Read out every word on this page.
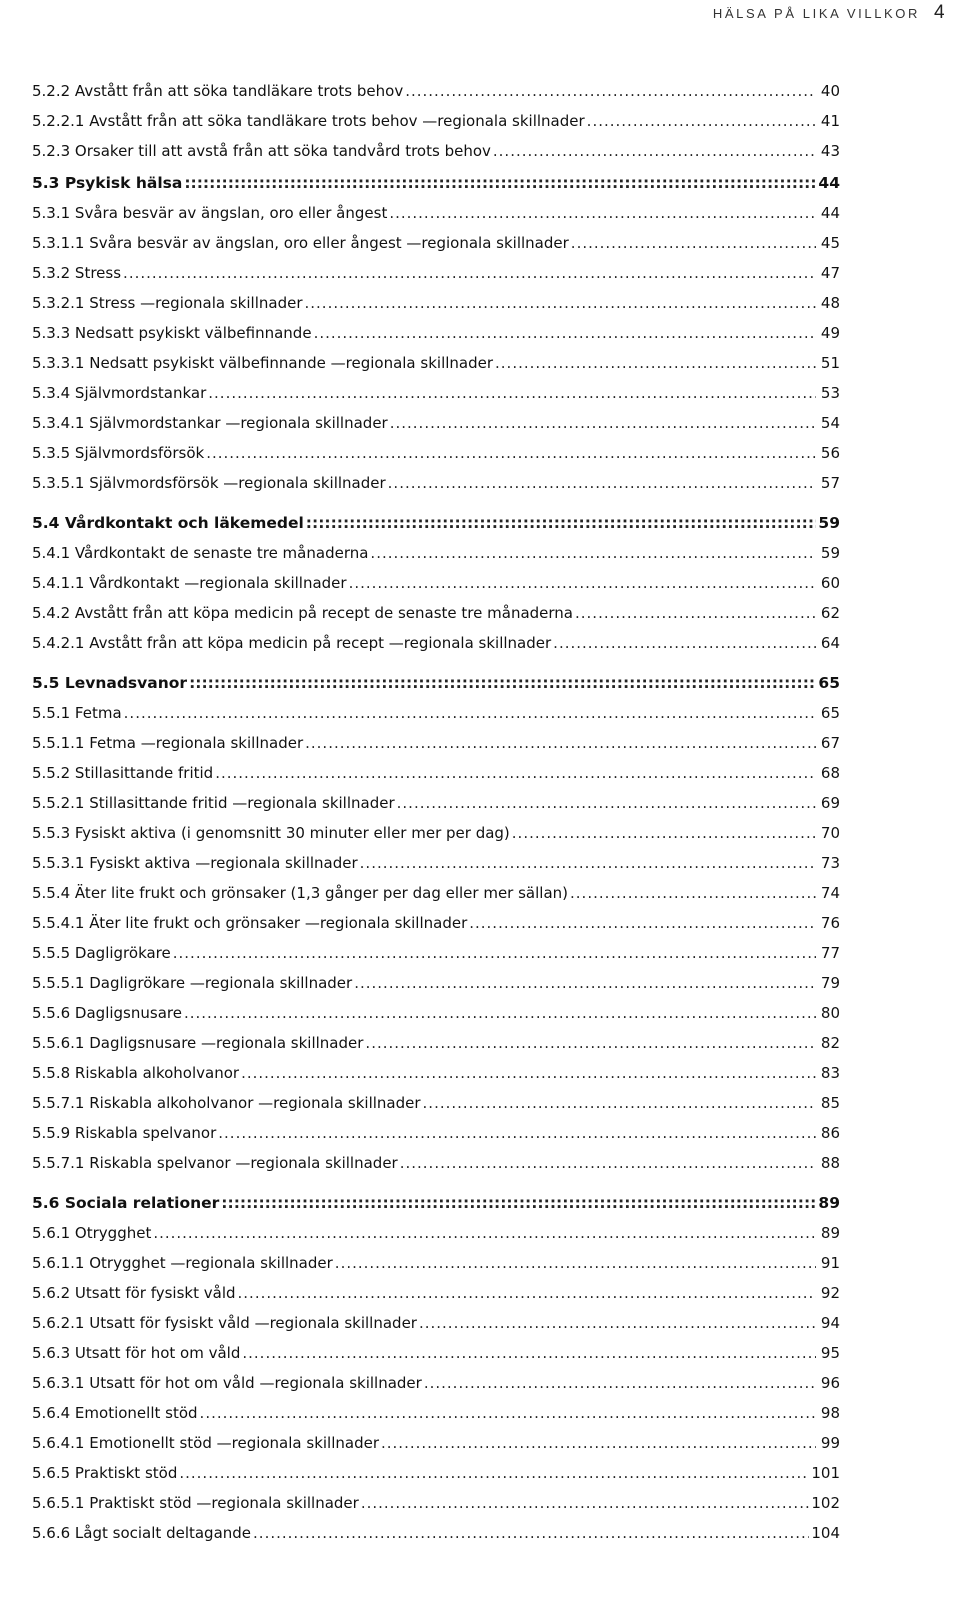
HÄLSA PÅ LIKA VILLKOR 4
5.2.2 Avstått från att söka tandläkare trots behov .....	40
5.2.2.1 Avstått från att söka tandläkare trots behov —regionala skillnader .....	41
5.2.3 Orsaker till att avstå från att söka tandvård trots behov .....	43
5.3 Psykisk hälsa ::::::::::::::::::::::::::::::::::::::::::::::::::::::::::::::::::::::::::::::::::::::::::::::::::::::::::::::::::::::::::::::::::::::::::::::::::::::::::::::::::::::::::::::::::	44
5.3.1 Svåra besvär av ängslan, oro eller ångest .....	44
5.3.1.1 Svåra besvär av ängslan, oro eller ångest —regionala skillnader .....	45
5.3.2 Stress .....	47
5.3.2.1 Stress —regionala skillnader .....	48
5.3.3 Nedsatt psykiskt välbefinnande .....	49
5.3.3.1 Nedsatt psykiskt välbefinnande —regionala skillnader .....	51
5.3.4 Självmordstankar .....	53
5.3.4.1 Självmordstankar —regionala skillnader .....	54
5.3.5 Självmordsförsök .....	56
5.3.5.1 Självmordsförsök —regionala skillnader .....	57
5.4 Vårdkontakt och läkemedel ::::::::::::::::::::::::::::::::::::::::::::::::::::::::::::::::::::::::::::::::::::::::::::::::::::::::::::::::::::::::::::::::::::::::::::::::::::::::::::::::::::::::::::::::::	59
5.4.1 Vårdkontakt de senaste tre månaderna .....	59
5.4.1.1 Vårdkontakt —regionala skillnader .....	60
5.4.2 Avstått från att köpa medicin på recept de senaste tre månaderna .....	62
5.4.2.1 Avstått från att köpa medicin på recept —regionala skillnader .....	64
5.5 Levnadsvanor ::::::::::::::::::::::::::::::::::::::::::::::::::::::::::::::::::::::::::::::::::::::::::::::::::::::::::::::::::::::::::::::::::::::::::::::::::::::::::::::::::::::::::::::::::	65
5.5.1 Fetma .....	65
5.5.1.1 Fetma —regionala skillnader .....	67
5.5.2 Stillasittande fritid .....	68
5.5.2.1 Stillasittande fritid —regionala skillnader .....	69
5.5.3 Fysiskt aktiva (i genomsnitt 30 minuter eller mer per dag) .....	70
5.5.3.1 Fysiskt aktiva —regionala skillnader .....	73
5.5.4 Äter lite frukt och grönsaker (1,3 gånger per dag eller mer sällan) .....	74
5.5.4.1 Äter lite frukt och grönsaker —regionala skillnader .....	76
5.5.5 Dagligrökare .....	77
5.5.5.1 Dagligrökare —regionala skillnader .....	79
5.5.6 Dagligsnusare .....	80
5.5.6.1 Dagligsnusare —regionala skillnader .....	82
5.5.8 Riskabla alkoholvanor .....	83
5.5.7.1 Riskabla alkoholvanor —regionala skillnader .....	85
5.5.9 Riskabla spelvanor .....	86
5.5.7.1 Riskabla spelvanor —regionala skillnader .....	88
5.6 Sociala relationer ::::::::::::::::::::::::::::::::::::::::::::::::::::::::::::::::::::::::::::::::::::::::::::::::::::::::::::::::::::::::::::::::::::::::::::::::::::::::::::::::::::::::::::::::::	89
5.6.1 Otrygghet .....	89
5.6.1.1 Otrygghet —regionala skillnader .....	91
5.6.2 Utsatt för fysiskt våld .....	92
5.6.2.1 Utsatt för fysiskt våld —regionala skillnader .....	94
5.6.3 Utsatt för hot om våld .....	95
5.6.3.1 Utsatt för hot om våld —regionala skillnader .....	96
5.6.4 Emotionellt stöd .....	98
5.6.4.1 Emotionellt stöd —regionala skillnader .....	99
5.6.5 Praktiskt stöd .....	101
5.6.5.1 Praktiskt stöd —regionala skillnader .....	102
5.6.6 Lågt socialt deltagande .....	104
